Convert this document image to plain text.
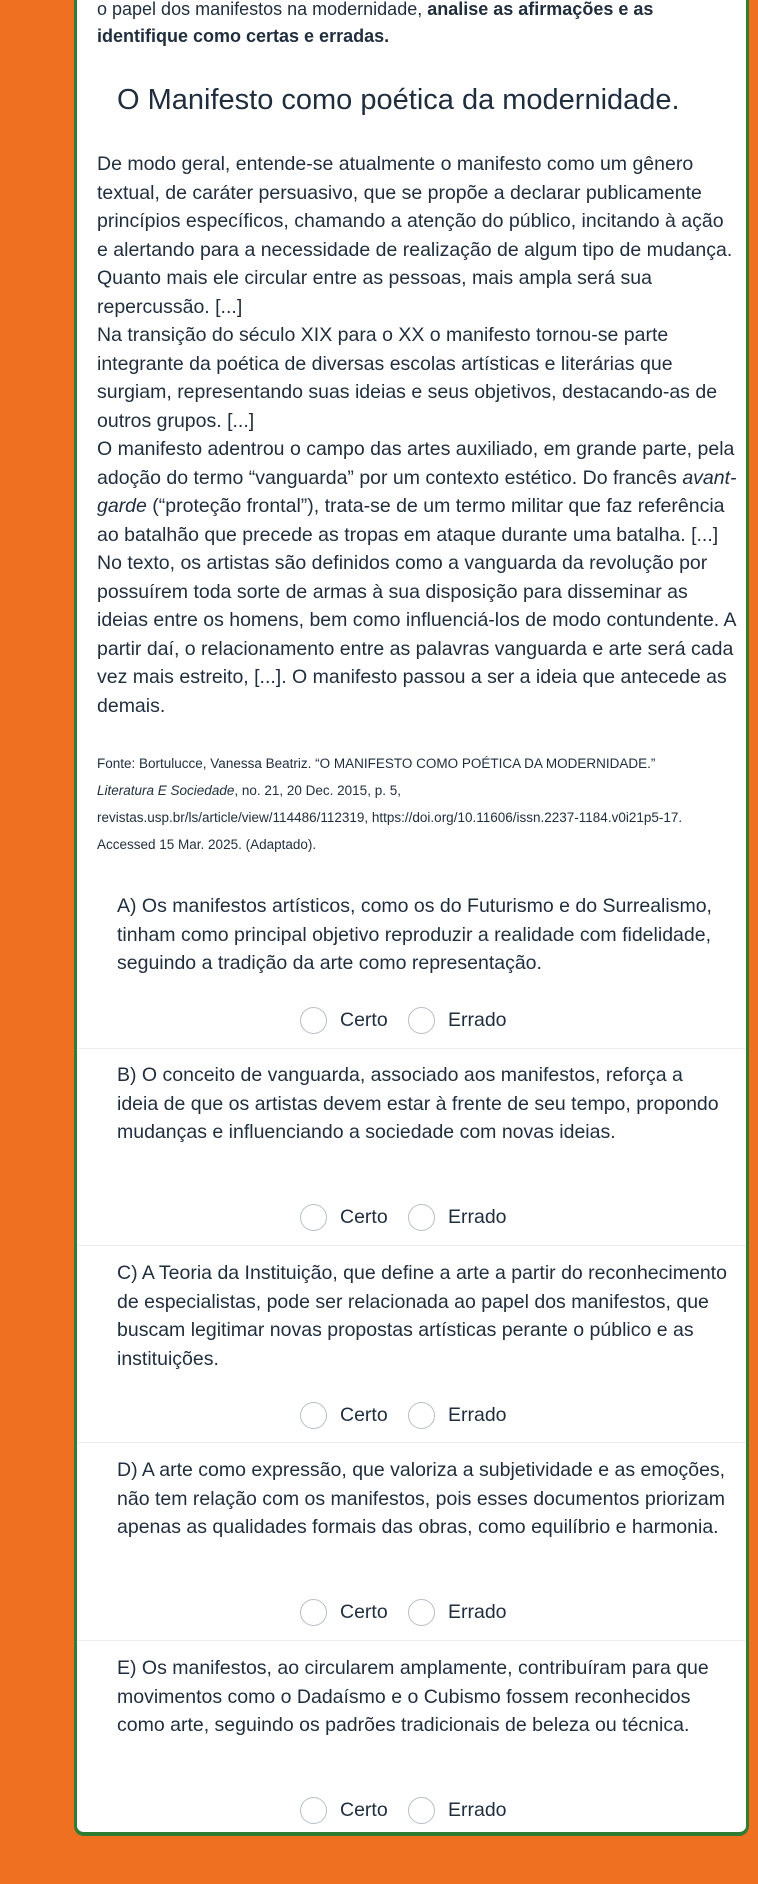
o papel dos manifestos na modernidade, analise as afirmações e as identifique como certas e erradas.
O Manifesto como poética da modernidade.

De modo geral, entende-se atualmente o manifesto como um gênero textual, de caráter persuasivo, que se propõe a declarar publicamente princípios específicos, chamando a atenção do público, incitando à ação e alertando para a necessidade de realização de algum tipo de mudança. Quanto mais ele circular entre as pessoas, mais ampla será sua repercussão. [...]

Na transição do século XIX para o XX o manifesto tornou-se parte integrante da poética de diversas escolas artísticas e literárias que surgiam, representando suas ideias e seus objetivos, destacando-as de outros grupos. [...]

O manifesto adentrou o campo das artes auxiliado, em grande parte, pela adoção do termo “vanguarda” por um contexto estético. Do francês avant-garde (“proteção frontal”), trata-se de um termo militar que faz referência ao batalhão que precede as tropas em ataque durante uma batalha. [...] No texto, os artistas são definidos como a vanguarda da revolução por possuírem toda sorte de armas à sua disposição para disseminar as ideias entre os homens, bem como influenciá-los de modo contundente. A partir daí, o relacionamento entre as palavras vanguarda e arte será cada vez mais estreito, [...]. O manifesto passou a ser a ideia que antecede as demais.

Fonte: Bortulucce, Vanessa Beatriz. “O MANIFESTO COMO POÉTICA DA MODERNIDADE.”
Literatura E Sociedade, no. 21, 20 Dec. 2015, p. 5,
revistas.usp.br/ls/article/view/114486/112319, https://doi.org/10.11606/issn.2237-1184.v0i21p5-17. Accessed 15 Mar. 2025. (Adaptado).
A) Os manifestos artísticos, como os do Futurismo e do Surrealismo, tinham como principal objetivo reproduzir a realidade com fidelidade, seguindo a tradição da arte como representação.
Certo	Errado
B) O conceito de vanguarda, associado aos manifestos, reforça a ideia de que os artistas devem estar à frente de seu tempo, propondo mudanças e influenciando a sociedade com novas ideias.
Certo	Errado
C) A Teoria da Instituição, que define a arte a partir do reconhecimento de especialistas, pode ser relacionada ao papel dos manifestos, que buscam legitimar novas propostas artísticas perante o público e as instituições.
Certo	Errado
D) A arte como expressão, que valoriza a subjetividade e as emoções, não tem relação com os manifestos, pois esses documentos priorizam apenas as qualidades formais das obras, como equilíbrio e harmonia.
Certo	Errado
E) Os manifestos, ao circularem amplamente, contribuíram para que movimentos como o Dadaísmo e o Cubismo fossem reconhecidos como arte, seguindo os padrões tradicionais de beleza ou técnica.
Certo	Errado
